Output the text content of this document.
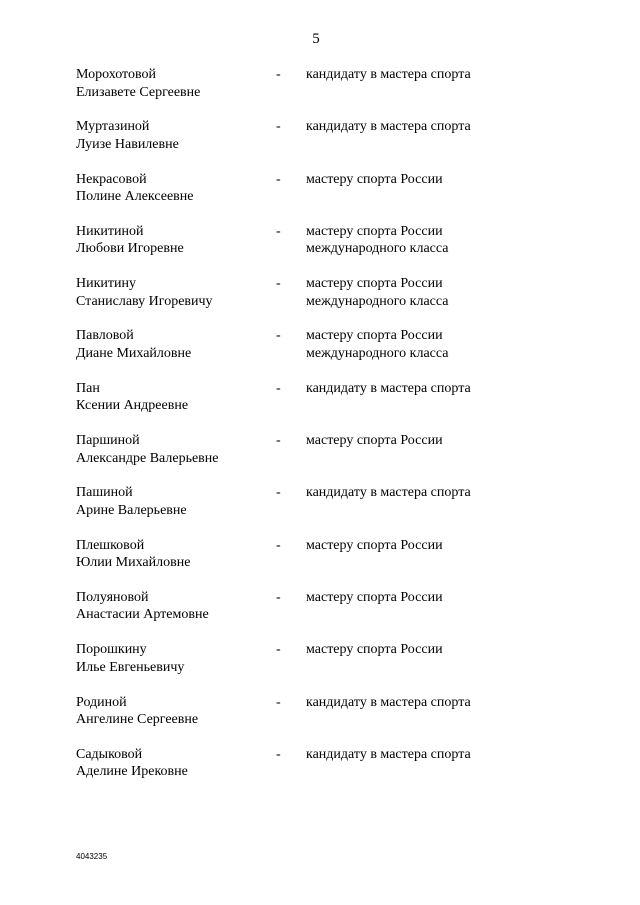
5
Морохотовой
Елизавете Сергеевне
- кандидату в мастера спорта
Муртазиной
Луизе Навилевне
- кандидату в мастера спорта
Некрасовой
Полине Алексеевне
- мастеру спорта России
Никитиной
Любови Игоревне
- мастеру спорта России
международного класса
Никитину
Станиславу Игоревичу
- мастеру спорта России
международного класса
Павловой
Диане Михайловне
- мастеру спорта России
международного класса
Пан
Ксении Андреевне
- кандидату в мастера спорта
Паршиной
Александре Валерьевне
- мастеру спорта России
Пашиной
Арине Валерьевне
- кандидату в мастера спорта
Плешковой
Юлии Михайловне
- мастеру спорта России
Полуяновой
Анастасии Артемовне
- мастеру спорта России
Порошкину
Илье Евгеньевичу
- мастеру спорта России
Родиной
Ангелине Сергеевне
- кандидату в мастера спорта
Садыковой
Аделине Ирековне
- кандидату в мастера спорта
4043235
